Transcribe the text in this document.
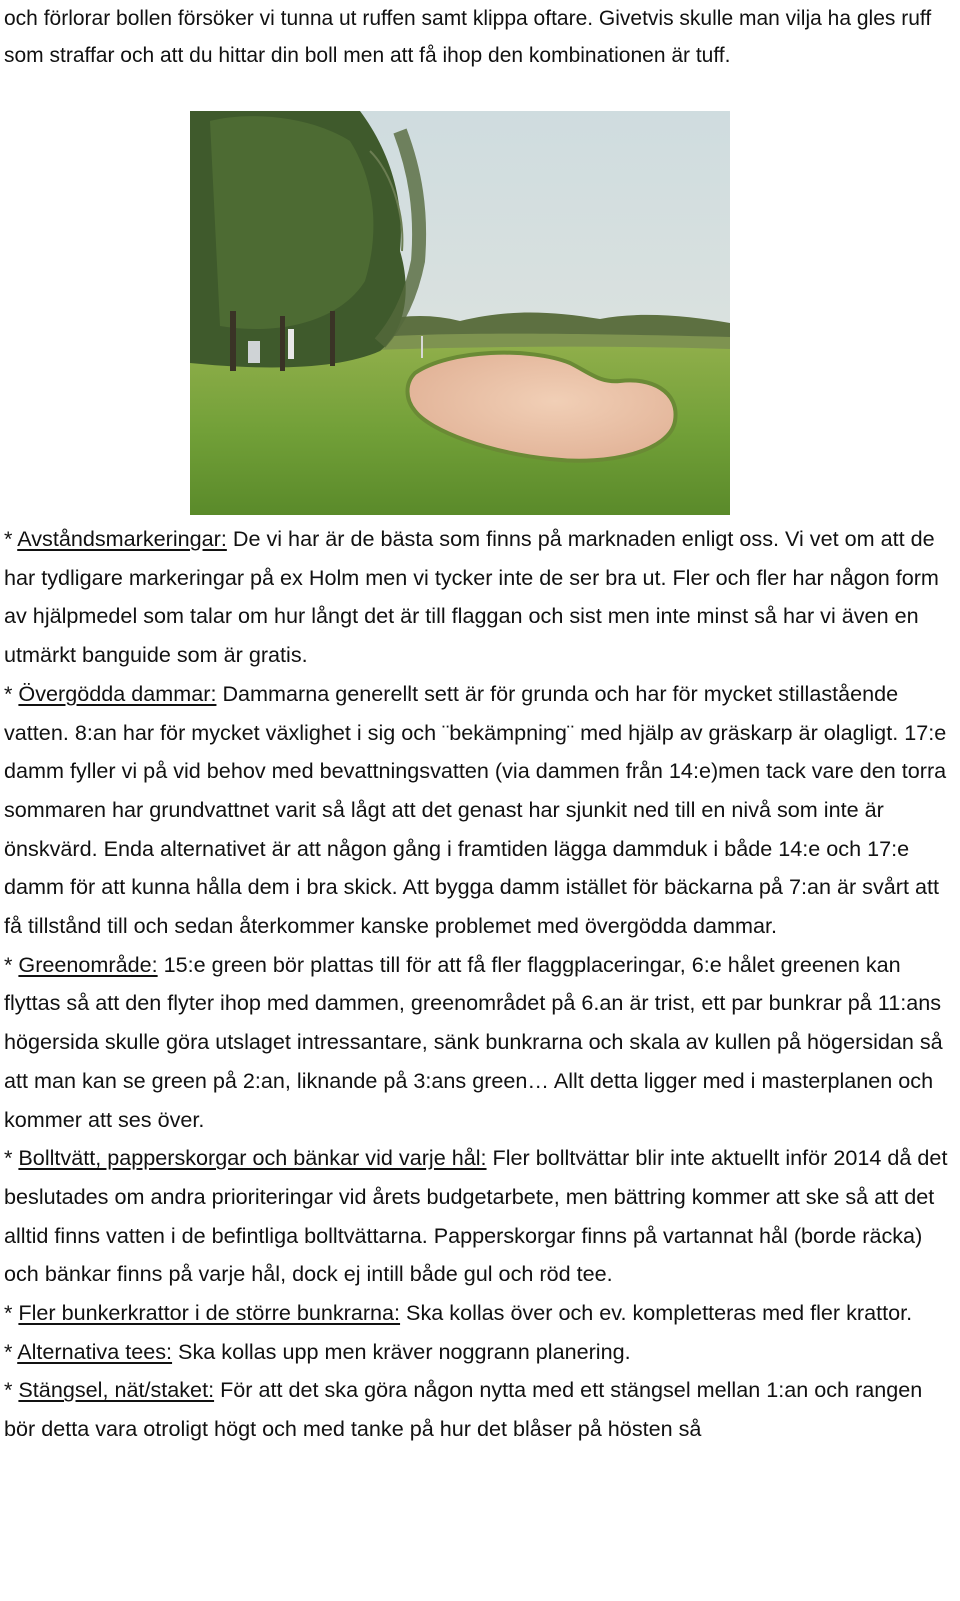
och förlorar bollen försöker vi tunna ut ruffen samt klippa oftare. Givetvis skulle man vilja ha gles ruff som straffar och att du hittar din boll men att få ihop den kombinationen är tuff.

* Avståndsmarkeringar: De vi har är de bästa som finns på marknaden enligt oss. Vi vet om att de har tydligare markeringar på ex Holm men vi tycker inte de ser bra ut. Fler och fler har någon form av hjälpmedel som talar om hur långt det är till flaggan och sist men inte minst så har vi även en utmärkt banguide som är gratis.
* Övergödda dammar: Dammarna generellt sett är för grunda och har för mycket stillastående vatten. 8:an har för mycket växlighet i sig och ¨bekämpning¨ med hjälp av gräskarp är olagligt. 17:e damm fyller vi på vid behov med bevattningsvatten (via dammen från 14:e)men tack vare den torra sommaren har grundvattnet varit så lågt att det genast har sjunkit ned till en nivå som inte är önskvärd. Enda alternativet är att någon gång i framtiden lägga dammduk i både 14:e och 17:e damm för att kunna hålla dem i bra skick. Att bygga damm istället för bäckarna på 7:an är svårt att få tillstånd till och sedan återkommer kanske problemet med övergödda dammar.
* Greenområde: 15:e green bör plattas till för att få fler flaggplaceringar, 6:e hålet greenen kan flyttas så att den flyter ihop med dammen, greenområdet på 6.an är trist, ett par bunkrar på 11:ans högersida skulle göra utslaget intressantare, sänk bunkrarna och skala av kullen på högersidan så att man kan se green på 2:an, liknande på 3:ans green… Allt detta ligger med i masterplanen och kommer att ses över.
* Bolltvätt, papperskorgar och bänkar vid varje hål: Fler bolltvättar blir inte aktuellt inför 2014 då det beslutades om andra prioriteringar vid årets budgetarbete, men bättring kommer att ske så att det alltid finns vatten i de befintliga bolltvättarna. Papperskorgar finns på vartannat hål (borde räcka) och bänkar finns på varje hål, dock ej intill både gul och röd tee.
* Fler bunkerkrattor i de större bunkrarna: Ska kollas över och ev. kompletteras med fler krattor.
* Alternativa tees: Ska kollas upp men kräver noggrann planering.
* Stängsel, nät/staket: För att det ska göra någon nytta med ett stängsel mellan 1:an och rangen bör detta vara otroligt högt och med tanke på hur det blåser på hösten så
